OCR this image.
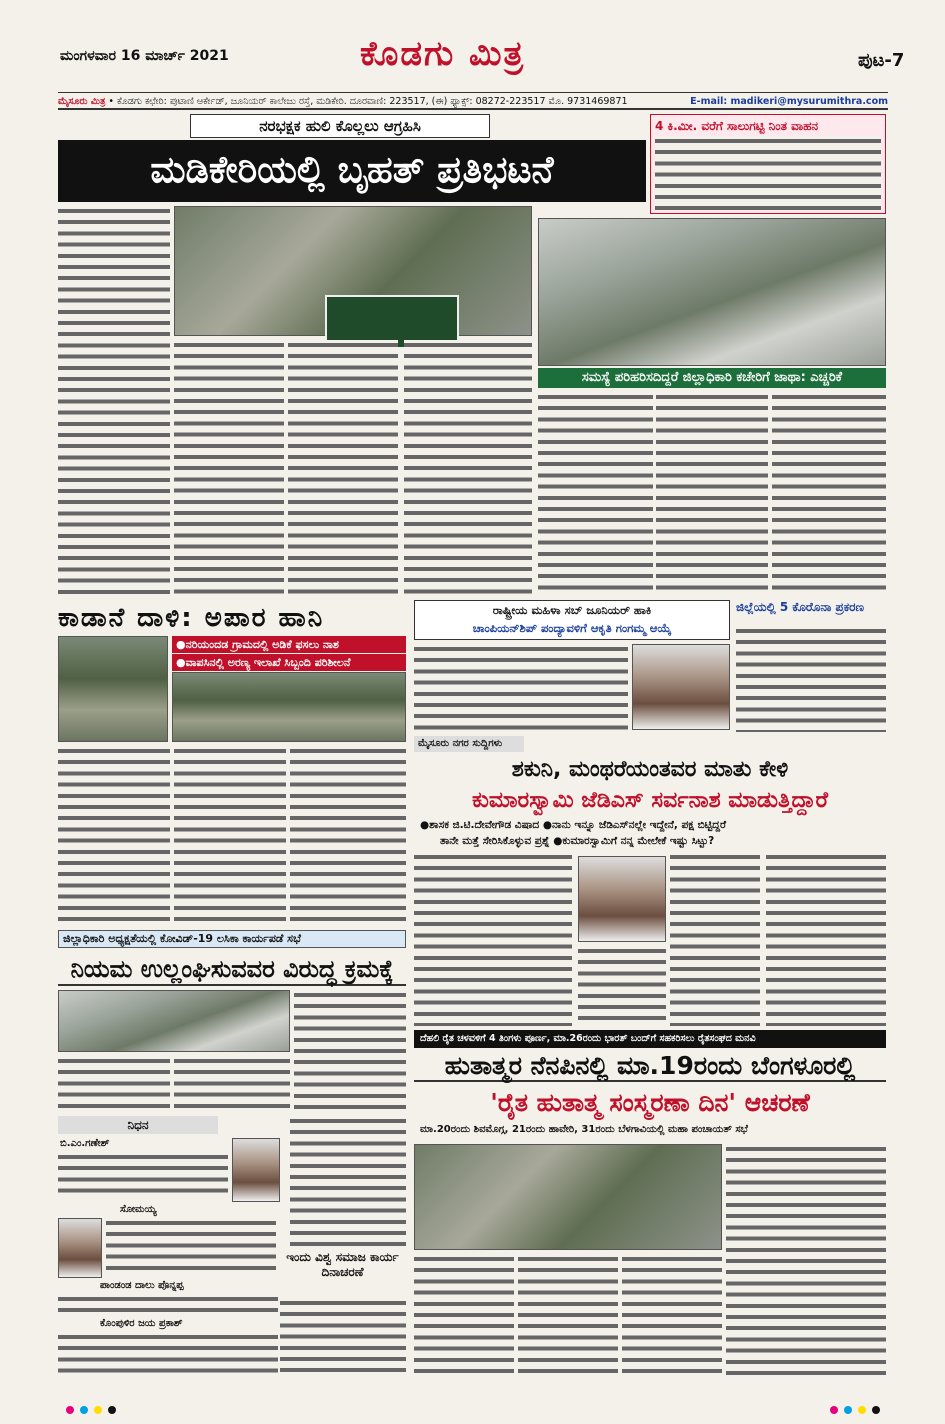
ಮಂಗಳವಾರ 16 ಮಾರ್ಚ್ 2021	ಕೊಡಗು ಮಿತ್ರ	ಪುಟ-7
ಮೈಸೂರು ಮಿತ್ರ • ಕೊಡಗು ಕಛೇರಿ: ಪುಟಾಣಿ ಆರ್ಕೇಡ್, ಜೂನಿಯರ್ ಕಾಲೇಜು ರಸ್ತೆ, ಮಡಿಕೇರಿ. ದೂರವಾಣಿ: 223517, (ಈ) ಫ್ಯಾಕ್ಸ್: 08272-223517 ಮೊ. 9731469871	E-mail: madikeri@mysurumithra.com
ನರಭಕ್ಷಕ ಹುಲಿ ಕೊಲ್ಲಲು ಆಗ್ರಹಿಸಿ
ಮಡಿಕೇರಿಯಲ್ಲಿ ಬೃಹತ್ ಪ್ರತಿಭಟನೆ
4 ಕಿ.ಮೀ. ವರೆಗೆ ಸಾಲುಗಟ್ಟಿ ನಿಂತ ವಾಹನ
ಸಮಸ್ಯೆ ಪರಿಹರಿಸದಿದ್ದರೆ ಜಿಲ್ಲಾಧಿಕಾರಿ ಕಚೇರಿಗೆ ಜಾಥಾ: ಎಚ್ಚರಿಕೆ
ಕಾಡಾನೆ ದಾಳಿ: ಅಪಾರ ಹಾನಿ
●ನರಿಯಂದಡ ಗ್ರಾಮದಲ್ಲಿ ಅಡಿಕೆ ಫಸಲು ನಾಶ
●ವಾಪಸಿನಲ್ಲಿ ಅರಣ್ಯ ಇಲಾಖೆ ಸಿಬ್ಬಂದಿ ಪರಿಶೀಲನೆ
ರಾಷ್ಟ್ರೀಯ ಮಹಿಳಾ ಸಬ್ ಜೂನಿಯರ್ ಹಾಕಿ
ಚಾಂಪಿಯನ್‌ಶಿಪ್ ಪಂದ್ಯಾವಳಿಗೆ ಆಕೃತಿ ಗಂಗಮ್ಮ ಆಯ್ಕೆ
ಜಿಲ್ಲೆಯಲ್ಲಿ 5 ಕೊರೊನಾ ಪ್ರಕರಣ
ಮೈಸೂರು ನಗರ ಸುದ್ದಿಗಳು
ಶಕುನಿ, ಮಂಥರೆಯಂತವರ ಮಾತು ಕೇಳಿ
ಕುಮಾರಸ್ವಾಮಿ ಜೆಡಿಎಸ್ ಸರ್ವನಾಶ ಮಾಡುತ್ತಿದ್ದಾರೆ
●ಶಾಸಕ ಜಿ.ಟಿ.ದೇವೇಗೌಡ ವಿಷಾದ ●ನಾನು ಇನ್ನೂ ಜೆಡಿಎಸ್‌ನಲ್ಲೇ ಇದ್ದೇನೆ, ಪಕ್ಷ ಬಿಟ್ಟಿದ್ದರೆ
ತಾನೇ ಮತ್ತೆ ಸೇರಿಸಿಕೊಳ್ಳುವ ಪ್ರಶ್ನೆ ●ಕುಮಾರಸ್ವಾಮಿಗೆ ನನ್ನ ಮೇಲೇಕೆ ಇಷ್ಟು ಸಿಟ್ಟು?
ಜಿಲ್ಲಾಧಿಕಾರಿ ಅಧ್ಯಕ್ಷತೆಯಲ್ಲಿ ಕೋವಿಡ್-19 ಲಸಿಕಾ ಕಾರ್ಯಪಡೆ ಸಭೆ
ನಿಯಮ ಉಲ್ಲಂಘಿಸುವವರ ವಿರುದ್ಧ ಕ್ರಮಕ್ಕೆ
ನಿಧನ
ಬಿ.ಎಂ.ಗಣೇಶ್
ಸೋಮಯ್ಯ
ಪಾಂಡಂಡ ದಾಲು ಪೊನ್ನಪ್ಪ
ಕೊಂಪುಳಿರ ಜಯ ಪ್ರಕಾಶ್
ಇಂದು ವಿಶ್ವ ಸಮಾಜ ಕಾರ್ಯ ದಿನಾಚರಣೆ
ದೆಹಲಿ ರೈತ ಚಳವಳಿಗೆ 4 ತಿಂಗಳು ಪೂರ್ಣ, ಮಾ.26ರಂದು ಭಾರತ್ ಬಂದ್‌ಗೆ ಸಹಕರಿಸಲು ರೈತಸಂಘದ ಮನವಿ
ಹುತಾತ್ಮರ ನೆನಪಿನಲ್ಲಿ ಮಾ.19ರಂದು ಬೆಂಗಳೂರಲ್ಲಿ
'ರೈತ ಹುತಾತ್ಮ ಸಂಸ್ಮರಣಾ ದಿನ' ಆಚರಣೆ
ಮಾ.20ರಂದು ಶಿವಮೊಗ್ಗ, 21ರಂದು ಹಾವೇರಿ, 31ರಂದು ಬೆಳಗಾವಿಯಲ್ಲಿ ಮಹಾ ಪಂಚಾಯತ್ ಸಭೆ
